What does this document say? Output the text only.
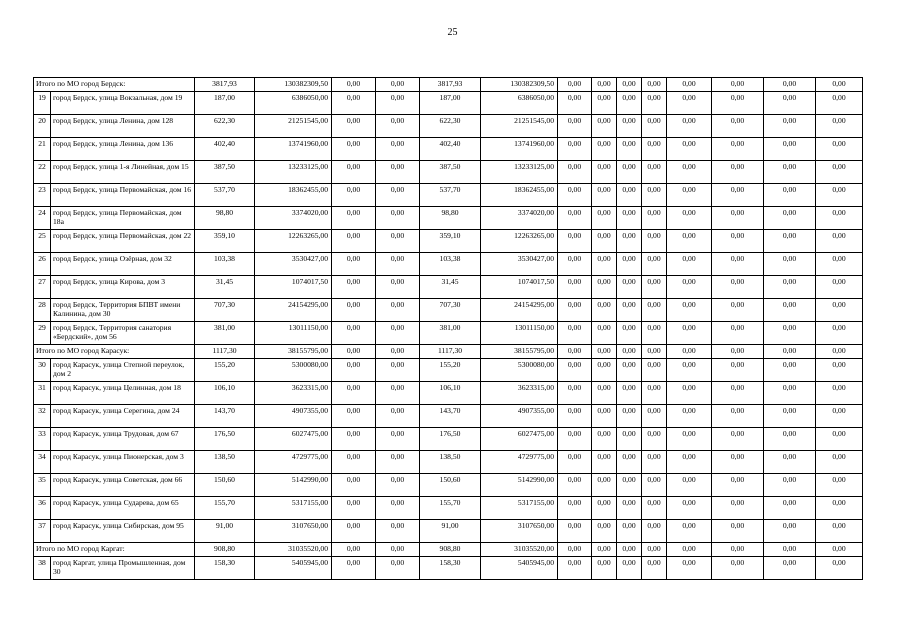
25
Итого по МО город Бердск:		3817,93	130382309,50	0,00	0,00	3817,93	130382309,50	0,00	0,00	0,00	0,00	0,00	0,00	0,00	0,00	
19	город Бердск, улица Вокзальная, дом 19	187,00	6386050,00	0,00	0,00	187,00	6386050,00	0,00	0,00	0,00	0,00	0,00	0,00	0,00	0,00	
20	город Бердск, улица Ленина, дом 128	622,30	21251545,00	0,00	0,00	622,30	21251545,00	0,00	0,00	0,00	0,00	0,00	0,00	0,00	0,00	
21	город Бердск, улица Ленина, дом 136	402,40	13741960,00	0,00	0,00	402,40	13741960,00	0,00	0,00	0,00	0,00	0,00	0,00	0,00	0,00	
22	город Бердск, улица 1-я Линейная, дом 15	387,50	13233125,00	0,00	0,00	387,50	13233125,00	0,00	0,00	0,00	0,00	0,00	0,00	0,00	0,00	
23	город Бердск, улица Первомайская, дом 16	537,70	18362455,00	0,00	0,00	537,70	18362455,00	0,00	0,00	0,00	0,00	0,00	0,00	0,00	0,00	
24	город Бердск, улица Первомайская, дом 18а	98,80	3374020,00	0,00	0,00	98,80	3374020,00	0,00	0,00	0,00	0,00	0,00	0,00	0,00	0,00	
25	город Бердск, улица Первомайская, дом 22	359,10	12263265,00	0,00	0,00	359,10	12263265,00	0,00	0,00	0,00	0,00	0,00	0,00	0,00	0,00	
26	город Бердск, улица Озёрная, дом 32	103,38	3530427,00	0,00	0,00	103,38	3530427,00	0,00	0,00	0,00	0,00	0,00	0,00	0,00	0,00	
27	город Бердск, улица Кирова, дом 3	31,45	1074017,50	0,00	0,00	31,45	1074017,50	0,00	0,00	0,00	0,00	0,00	0,00	0,00	0,00	
28	город Бердск, Территория БПВТ имени Калинина, дом 30	707,30	24154295,00	0,00	0,00	707,30	24154295,00	0,00	0,00	0,00	0,00	0,00	0,00	0,00	0,00	
29	город Бердск, Территория санатория «Бердский», дом 56	381,00	13011150,00	0,00	0,00	381,00	13011150,00	0,00	0,00	0,00	0,00	0,00	0,00	0,00	0,00	
Итого по МО город Карасук:		1117,30	38155795,00	0,00	0,00	1117,30	38155795,00	0,00	0,00	0,00	0,00	0,00	0,00	0,00	0,00	
30	город Карасук, улица Степной переулок, дом 2	155,20	5300080,00	0,00	0,00	155,20	5300080,00	0,00	0,00	0,00	0,00	0,00	0,00	0,00	0,00	
31	город Карасук, улица Целинная, дом 18	106,10	3623315,00	0,00	0,00	106,10	3623315,00	0,00	0,00	0,00	0,00	0,00	0,00	0,00	0,00	
32	город Карасук, улица Серегина, дом 24	143,70	4907355,00	0,00	0,00	143,70	4907355,00	0,00	0,00	0,00	0,00	0,00	0,00	0,00	0,00	
33	город Карасук, улица Трудовая, дом 67	176,50	6027475,00	0,00	0,00	176,50	6027475,00	0,00	0,00	0,00	0,00	0,00	0,00	0,00	0,00	
34	город Карасук, улица Пионерская, дом 3	138,50	4729775,00	0,00	0,00	138,50	4729775,00	0,00	0,00	0,00	0,00	0,00	0,00	0,00	0,00	
35	город Карасук, улица Советская, дом 66	150,60	5142990,00	0,00	0,00	150,60	5142990,00	0,00	0,00	0,00	0,00	0,00	0,00	0,00	0,00	
36	город Карасук, улица Сударева, дом 65	155,70	5317155,00	0,00	0,00	155,70	5317155,00	0,00	0,00	0,00	0,00	0,00	0,00	0,00	0,00	
37	город Карасук, улица Сибирская, дом 95	91,00	3107650,00	0,00	0,00	91,00	3107650,00	0,00	0,00	0,00	0,00	0,00	0,00	0,00	0,00	
Итого по МО город Каргат:		908,80	31035520,00	0,00	0,00	908,80	31035520,00	0,00	0,00	0,00	0,00	0,00	0,00	0,00	0,00	
38	город Каргат, улица Промышленная, дом 30	158,30	5405945,00	0,00	0,00	158,30	5405945,00	0,00	0,00	0,00	0,00	0,00	0,00	0,00	0,00	
